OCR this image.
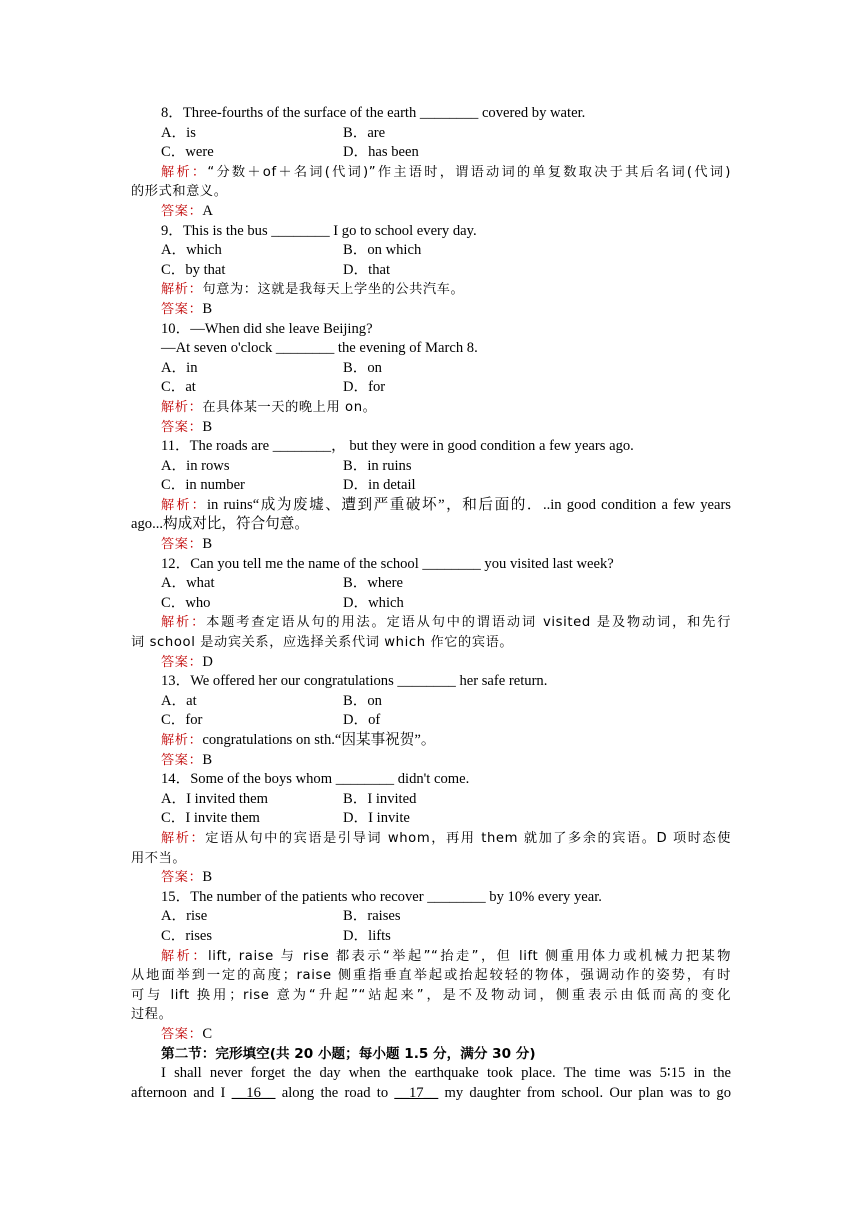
8．Three-fourths of the surface of the earth ________ covered by water.
A．is	B．are
C．were	D．has been
解析：“分数＋of＋名词(代词)”作主语时，谓语动词的单复数取决于其后名词(代词)
的形式和意义。
答案：A
9．This is the bus ________ I go to school every day.
A．which	B．on which
C．by that	D．that
解析：句意为：这就是我每天上学坐的公共汽车。
答案：B
10．—When did she leave Beijing?
—At seven o'clock ________ the evening of March 8.
A．in	B．on
C．at	D．for
解析：在具体某一天的晚上用 on。
答案：B
11．The roads are ________， but they were in good condition a few years ago.
A．in rows	B．in ruins
C．in number	D．in detail
解析：in ruins“成为废墟、遭到严重破坏”，和后面的．..in good condition a few years
ago...构成对比，符合句意。
答案：B
12．Can you tell me the name of the school ________ you visited last week?
A．what	B．where
C．who	D．which
解析：本题考查定语从句的用法。定语从句中的谓语动词 visited 是及物动词，和先行
词 school 是动宾关系，应选择关系代词 which 作它的宾语。
答案：D
13．We offered her our congratulations ________ her safe return.
A．at	B．on
C．for	D．of
解析：congratulations on sth.“因某事祝贺”。
答案：B
14．Some of the boys whom ________ didn't come.
A．I invited them	B．I invited
C．I invite them	D．I invite
解析：定语从句中的宾语是引导词 whom，再用 them 就加了多余的宾语。D 项时态使
用不当。
答案：B
15．The number of the patients who recover ________ by 10% every year.
A．rise	B．raises
C．rises	D．lifts
解析：lift, raise 与 rise 都表示“举起”“抬走”，但 lift 侧重用体力或机械力把某物
从地面举到一定的高度；raise 侧重指垂直举起或抬起较轻的物体，强调动作的姿势，有时
可与 lift 换用；rise 意为“升起”“站起来”，是不及物动词，侧重表示由低而高的变化
过程。
答案：C
第二节：完形填空(共 20 小题；每小题 1.5 分，满分 30 分)
I shall never forget the day when the earthquake took place. The time was 5∶15 in the
afternoon and I __16__ along the road to __17__ my daughter from school. Our plan was to go
